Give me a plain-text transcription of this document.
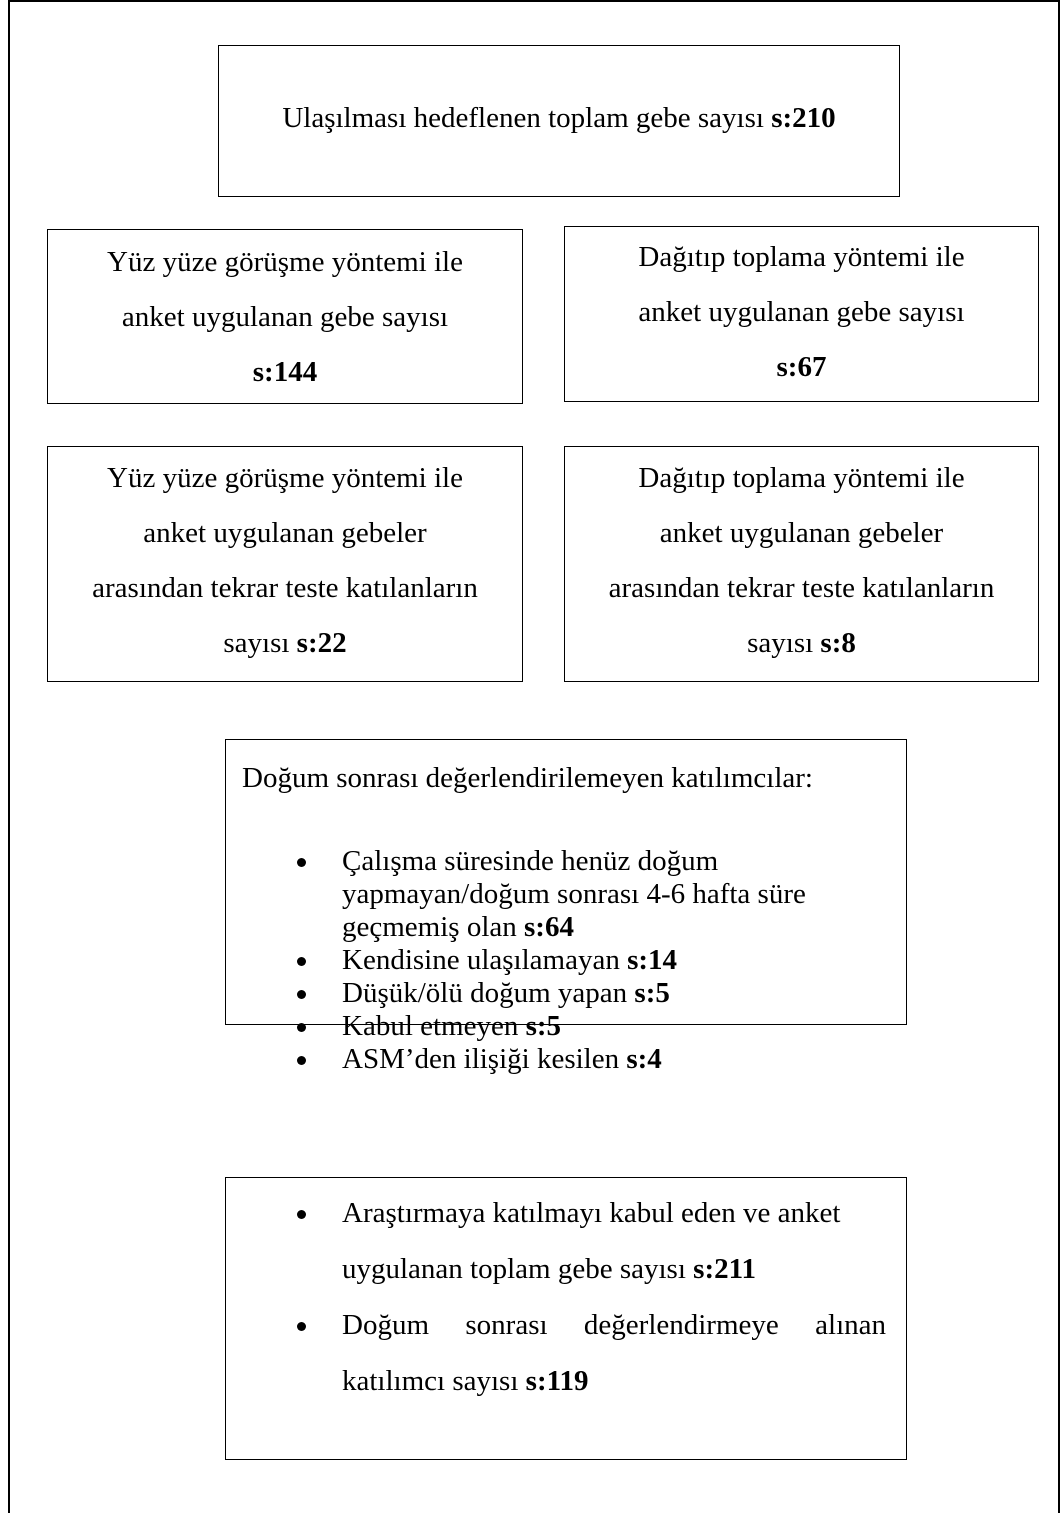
Ulaşılması hedeflenen toplam gebe sayısı s:210
Yüz yüze görüşme yöntemi ile
anket uygulanan gebe sayısı
s:144
Dağıtıp toplama yöntemi ile
anket uygulanan gebe sayısı
s:67
Yüz yüze görüşme yöntemi ile
anket uygulanan gebeler
arasından tekrar teste katılanların
sayısı s:22
Dağıtıp toplama yöntemi ile
anket uygulanan gebeler
arasından tekrar teste katılanların
sayısı s:8
Doğum sonrası değerlendirilemeyen katılımcılar:
Çalışma süresinde henüz doğum yapmayan/doğum sonrası 4-6 hafta süre geçmemiş olan s:64
Kendisine ulaşılamayan s:14
Düşük/ölü doğum yapan s:5
Kabul etmeyen s:5
ASM’den ilişiği kesilen s:4
Araştırmaya katılmayı kabul eden ve anket
uygulanan toplam gebe sayısı s:211
Doğum sonrası değerlendirmeye alınan
katılımcı sayısı s:119
